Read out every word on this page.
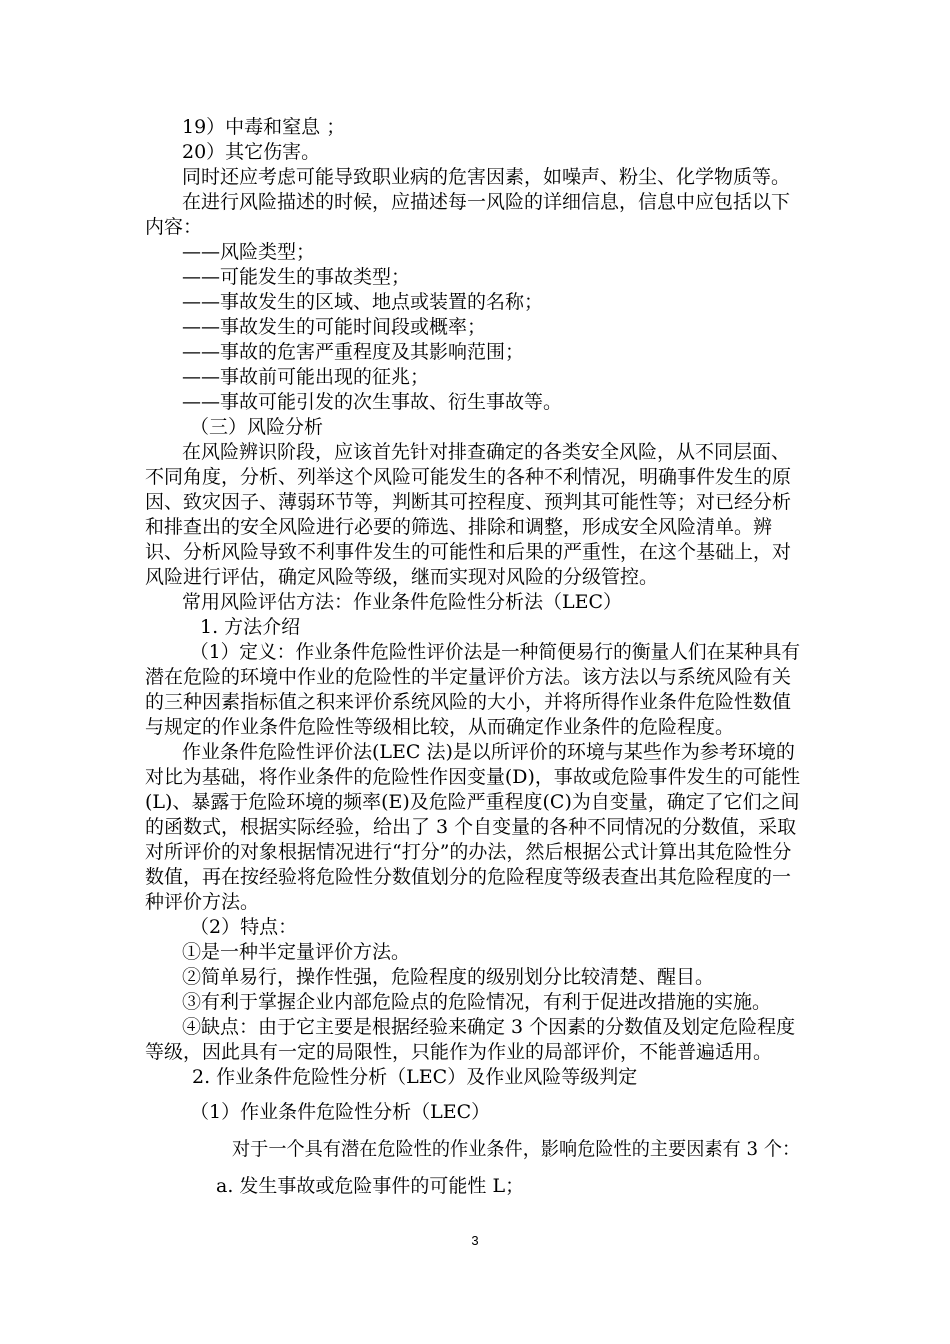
19）中毒和窒息 ；
20）其它伤害。
同时还应考虑可能导致职业病的危害因素，如噪声、粉尘、化学物质等。
在进行风险描述的时候，应描述每一风险的详细信息，信息中应包括以下
内容：
——风险类型；
——可能发生的事故类型；
——事故发生的区域、地点或装置的名称；
——事故发生的可能时间段或概率；
——事故的危害严重程度及其影响范围；
——事故前可能出现的征兆；
——事故可能引发的次生事故、衍生事故等。
（三）风险分析
在风险辨识阶段，应该首先针对排查确定的各类安全风险，从不同层面、
不同角度，分析、列举这个风险可能发生的各种不利情况，明确事件发生的原
因、致灾因子、薄弱环节等，判断其可控程度、预判其可能性等；对已经分析
和排查出的安全风险进行必要的筛选、排除和调整，形成安全风险清单。辨
识、分析风险导致不利事件发生的可能性和后果的严重性，在这个基础上，对
风险进行评估，确定风险等级，继而实现对风险的分级管控。
常用风险评估方法：作业条件危险性分析法（LEC）
1. 方法介绍
（1）定义：作业条件危险性评价法是一种简便易行的衡量人们在某种具有
潜在危险的环境中作业的危险性的半定量评价方法。该方法以与系统风险有关
的三种因素指标值之积来评价系统风险的大小，并将所得作业条件危险性数值
与规定的作业条件危险性等级相比较，从而确定作业条件的危险程度。
作业条件危险性评价法(LEC 法)是以所评价的环境与某些作为参考环境的
对比为基础，将作业条件的危险性作因变量(D)，事故或危险事件发生的可能性
(L)、暴露于危险环境的频率(E)及危险严重程度(C)为自变量，确定了它们之间
的函数式，根据实际经验，给出了 3 个自变量的各种不同情况的分数值，采取
对所评价的对象根据情况进行“打分”的办法，然后根据公式计算出其危险性分
数值，再在按经验将危险性分数值划分的危险程度等级表查出其危险程度的一
种评价方法。
（2）特点：
①是一种半定量评价方法。
②简单易行，操作性强，危险程度的级别划分比较清楚、醒目。
③有利于掌握企业内部危险点的危险情况，有利于促进改措施的实施。
④缺点：由于它主要是根据经验来确定 3 个因素的分数值及划定危险程度
等级，因此具有一定的局限性，只能作为作业的局部评价，不能普遍适用。
2. 作业条件危险性分析（LEC）及作业风险等级判定
（1）作业条件危险性分析（LEC）
对于一个具有潜在危险性的作业条件，影响危险性的主要因素有 3 个：
a. 发生事故或危险事件的可能性 L；
3
